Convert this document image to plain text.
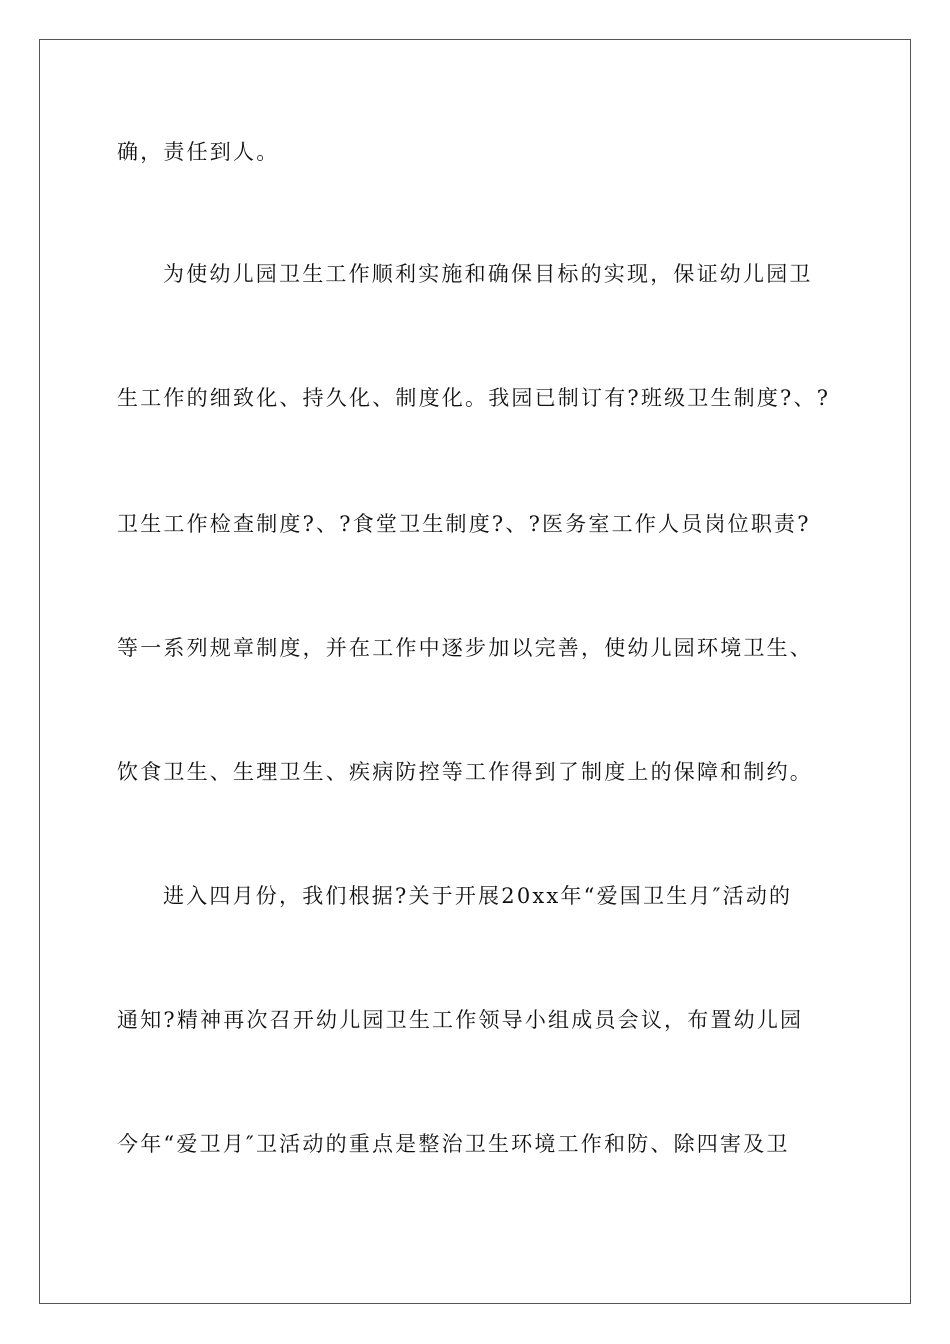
确，责任到人。
为使幼儿园卫生工作顺利实施和确保目标的实现，保证幼儿园卫
生工作的细致化、持久化、制度化。我园已制订有?班级卫生制度?、?
卫生工作检查制度?、?食堂卫生制度?、?医务室工作人员岗位职责?
等一系列规章制度，并在工作中逐步加以完善，使幼儿园环境卫生、
饮食卫生、生理卫生、疾病防控等工作得到了制度上的保障和制约。
进入四月份，我们根据?关于开展20xx年“爱国卫生月″活动的
通知?精神再次召开幼儿园卫生工作领导小组成员会议，布置幼儿园
今年“爱卫月″卫活动的重点是整治卫生环境工作和防、除四害及卫
